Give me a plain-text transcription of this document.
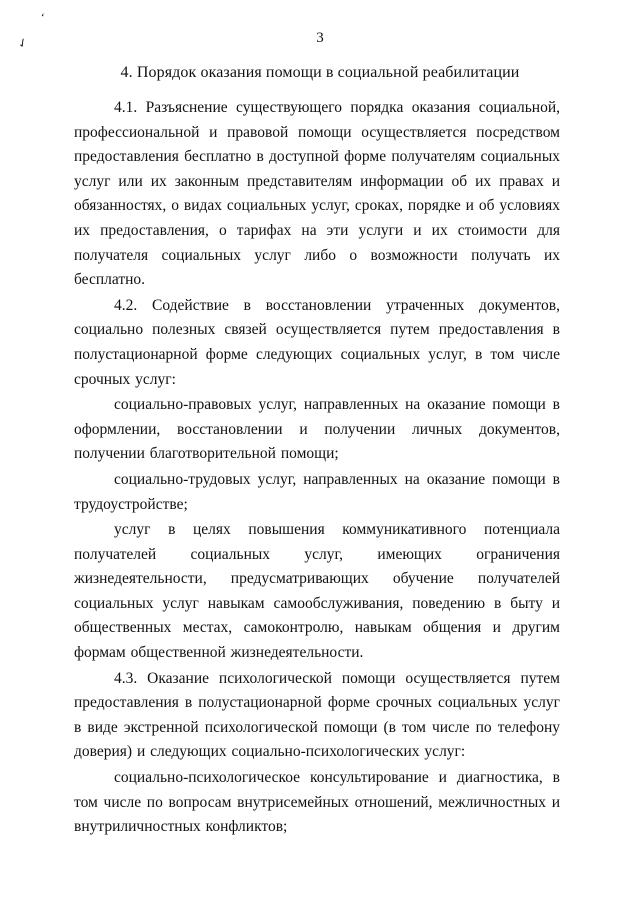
3
‘
✓
4. Порядок оказания помощи в социальной реабилитации

4.1. Разъяснение существующего порядка оказания социальной, профессиональной и правовой помощи осуществляется посредством предоставления бесплатно в доступной форме получателям социальных услуг или их законным представителям информации об их правах и обязанностях, о видах социальных услуг, сроках, порядке и об условиях их предоставления, о тарифах на эти услуги и их стоимости для получателя социальных услуг либо о возможности получать их бесплатно.

4.2. Содействие в восстановлении утраченных документов, социально полезных связей осуществляется путем предоставления в полустационарной форме следующих социальных услуг, в том числе срочных услуг:

социально-правовых услуг, направленных на оказание помощи в оформлении, восстановлении и получении личных документов, получении благотворительной помощи;

социально-трудовых услуг, направленных на оказание помощи в трудоустройстве;

услуг в целях повышения коммуникативного потенциала получателей социальных услуг, имеющих ограничения жизнедеятельности, предусматривающих обучение получателей социальных услуг навыкам самообслуживания, поведению в быту и общественных местах, самоконтролю, навыкам общения и другим формам общественной жизнедеятельности.

4.3. Оказание психологической помощи осуществляется путем предоставления в полустационарной форме срочных социальных услуг в виде экстренной психологической помощи (в том числе по телефону доверия) и следующих социально-психологических услуг:

социально-психологическое консультирование и диагностика, в том числе по вопросам внутрисемейных отношений, межличностных и внутриличностных конфликтов;
